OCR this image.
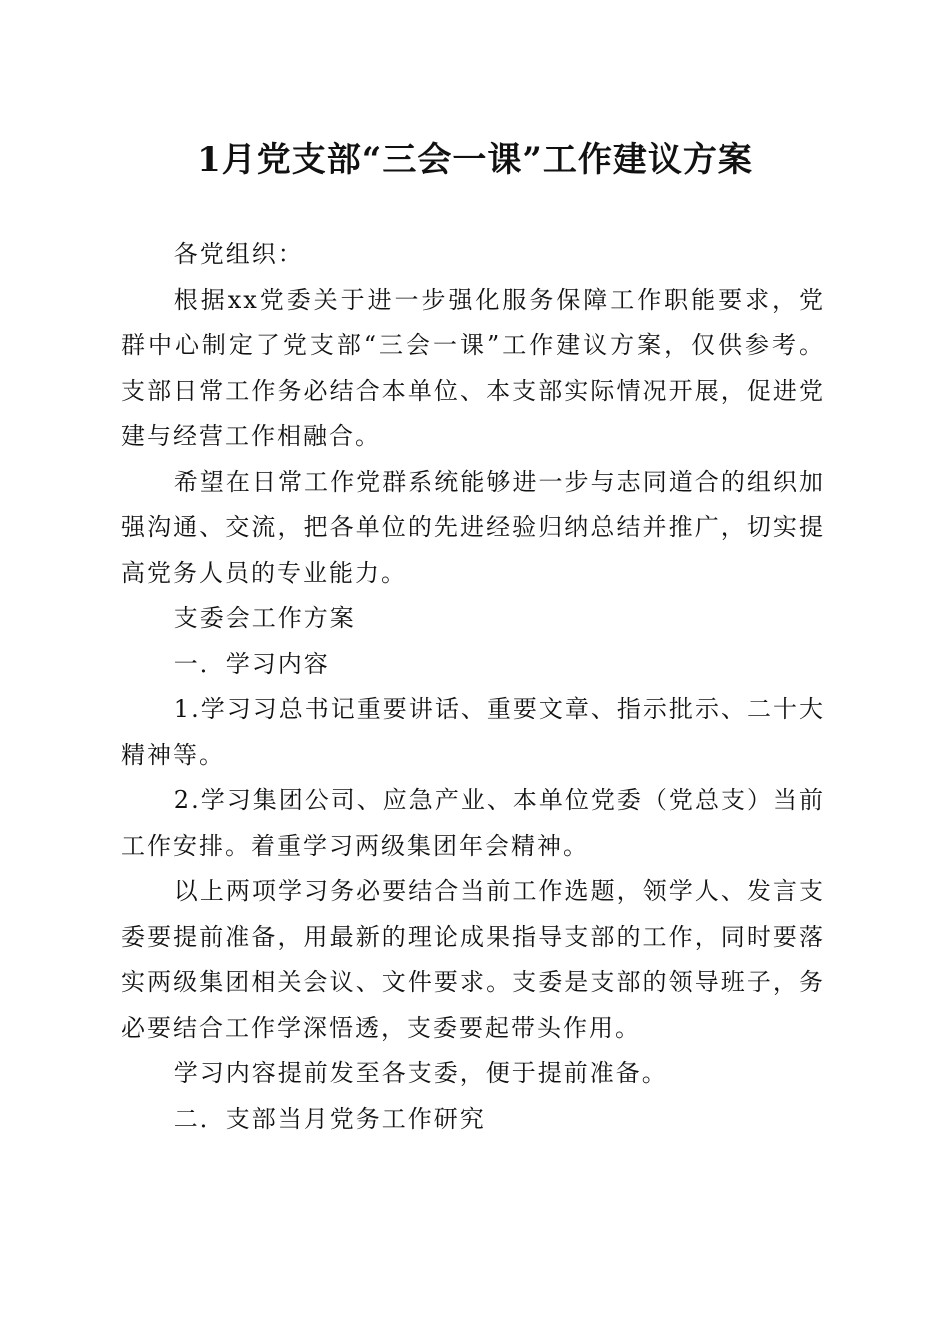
1月党支部“三会一课”工作建议方案

各党组织：

根据xx党委关于进一步强化服务保障工作职能要求，党群中心制定了党支部“三会一课”工作建议方案，仅供参考。支部日常工作务必结合本单位、本支部实际情况开展，促进党建与经营工作相融合。

希望在日常工作党群系统能够进一步与志同道合的组织加强沟通、交流，把各单位的先进经验归纳总结并推广，切实提高党务人员的专业能力。

支委会工作方案

一．学习内容

1.学习习总书记重要讲话、重要文章、指示批示、二十大精神等。

2.学习集团公司、应急产业、本单位党委（党总支）当前工作安排。着重学习两级集团年会精神。

以上两项学习务必要结合当前工作选题，领学人、发言支委要提前准备，用最新的理论成果指导支部的工作，同时要落实两级集团相关会议、文件要求。支委是支部的领导班子，务必要结合工作学深悟透，支委要起带头作用。

学习内容提前发至各支委，便于提前准备。

二．支部当月党务工作研究
